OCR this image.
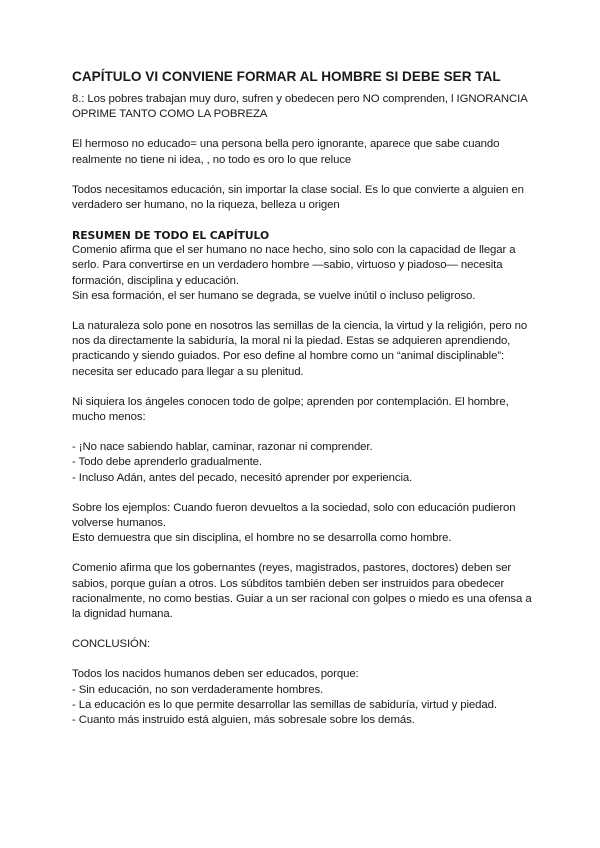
CAPÍTULO VI CONVIENE FORMAR AL HOMBRE SI DEBE SER TAL

8.: Los pobres trabajan muy duro, sufren y obedecen pero NO comprenden, l IGNORANCIA OPRIME TANTO COMO LA POBREZA

El hermoso no educado= una persona bella pero ignorante, aparece que sabe cuando realmente no tiene ni idea, , no todo es oro lo que reluce

Todos necesitamos educación, sin importar la clase social. Es lo que convierte a alguien en verdadero ser humano, no la riqueza, belleza u origen

RESUMEN DE TODO EL CAPÍTULO

Comenio afirma que el ser humano no nace hecho, sino solo con la capacidad de llegar a serlo. Para convertirse en un verdadero hombre —sabio, virtuoso y piadoso— necesita formación, disciplina y educación.

Sin esa formación, el ser humano se degrada, se vuelve inútil o incluso peligroso.

La naturaleza solo pone en nosotros las semillas de la ciencia, la virtud y la religión, pero no nos da directamente la sabiduría, la moral ni la piedad. Estas se adquieren aprendiendo, practicando y siendo guiados. Por eso define al hombre como un “animal disciplinable”: necesita ser educado para llegar a su plenitud.

Ni siquiera los ángeles conocen todo de golpe; aprenden por contemplación. El hombre, mucho menos:

- ¡No nace sabiendo hablar, caminar, razonar ni comprender.
- Todo debe aprenderlo gradualmente.
- Incluso Adán, antes del pecado, necesitó aprender por experiencia.

Sobre los ejemplos: Cuando fueron devueltos a la sociedad, solo con educación pudieron volverse humanos.

Esto demuestra que sin disciplina, el hombre no se desarrolla como hombre.

Comenio afirma que los gobernantes (reyes, magistrados, pastores, doctores) deben ser sabios, porque guían a otros. Los súbditos también deben ser instruidos para obedecer racionalmente, no como bestias. Guiar a un ser racional con golpes o miedo es una ofensa a la dignidad humana.

CONCLUSIÓN:

Todos los nacidos humanos deben ser educados, porque:

- Sin educación, no son verdaderamente hombres.
- La educación es lo que permite desarrollar las semillas de sabiduría, virtud y piedad.
- Cuanto más instruido está alguien, más sobresale sobre los demás.
